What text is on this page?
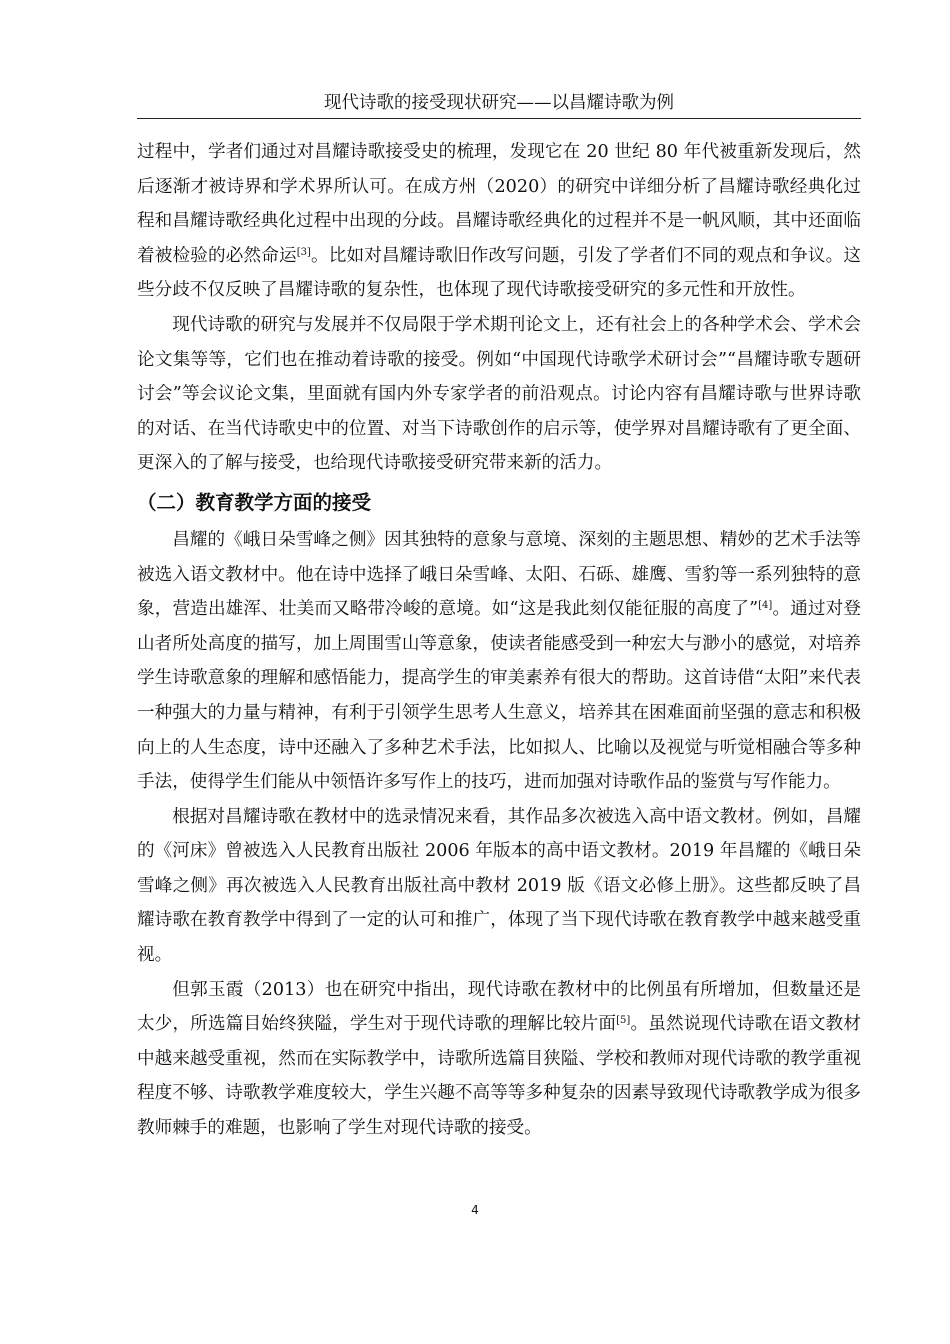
现代诗歌的接受现状研究——以昌耀诗歌为例

过程中，学者们通过对昌耀诗歌接受史的梳理，发现它在 20 世纪 80 年代被重新发现后，然后逐渐才被诗界和学术界所认可。在成方州（2020）的研究中详细分析了昌耀诗歌经典化过程和昌耀诗歌经典化过程中出现的分歧。昌耀诗歌经典化的过程并不是一帆风顺，其中还面临着被检验的必然命运[3]。比如对昌耀诗歌旧作改写问题，引发了学者们不同的观点和争议。这些分歧不仅反映了昌耀诗歌的复杂性，也体现了现代诗歌接受研究的多元性和开放性。

现代诗歌的研究与发展并不仅局限于学术期刊论文上，还有社会上的各种学术会、学术会论文集等等，它们也在推动着诗歌的接受。例如“中国现代诗歌学术研讨会”“昌耀诗歌专题研讨会”等会议论文集，里面就有国内外专家学者的前沿观点。讨论内容有昌耀诗歌与世界诗歌的对话、在当代诗歌史中的位置、对当下诗歌创作的启示等，使学界对昌耀诗歌有了更全面、更深入的了解与接受，也给现代诗歌接受研究带来新的活力。

（二）教育教学方面的接受

昌耀的《峨日朵雪峰之侧》因其独特的意象与意境、深刻的主题思想、精妙的艺术手法等被选入语文教材中。他在诗中选择了峨日朵雪峰、太阳、石砾、雄鹰、雪豹等一系列独特的意象，营造出雄浑、壮美而又略带冷峻的意境。如“这是我此刻仅能征服的高度了”[4]。通过对登山者所处高度的描写，加上周围雪山等意象，使读者能感受到一种宏大与渺小的感觉，对培养学生诗歌意象的理解和感悟能力，提高学生的审美素养有很大的帮助。这首诗借“太阳”来代表一种强大的力量与精神，有利于引领学生思考人生意义，培养其在困难面前坚强的意志和积极向上的人生态度，诗中还融入了多种艺术手法，比如拟人、比喻以及视觉与听觉相融合等多种手法，使得学生们能从中领悟许多写作上的技巧，进而加强对诗歌作品的鉴赏与写作能力。

根据对昌耀诗歌在教材中的选录情况来看，其作品多次被选入高中语文教材。例如，昌耀的《河床》曾被选入人民教育出版社 2006 年版本的高中语文教材。2019 年昌耀的《峨日朵雪峰之侧》再次被选入人民教育出版社高中教材 2019 版《语文必修上册》。这些都反映了昌耀诗歌在教育教学中得到了一定的认可和推广，体现了当下现代诗歌在教育教学中越来越受重视。

但郭玉霞（2013）也在研究中指出，现代诗歌在教材中的比例虽有所增加，但数量还是太少，所选篇目始终狭隘，学生对于现代诗歌的理解比较片面[5]。虽然说现代诗歌在语文教材中越来越受重视，然而在实际教学中，诗歌所选篇目狭隘、学校和教师对现代诗歌的教学重视程度不够、诗歌教学难度较大，学生兴趣不高等等多种复杂的因素导致现代诗歌教学成为很多教师棘手的难题，也影响了学生对现代诗歌的接受。

4
